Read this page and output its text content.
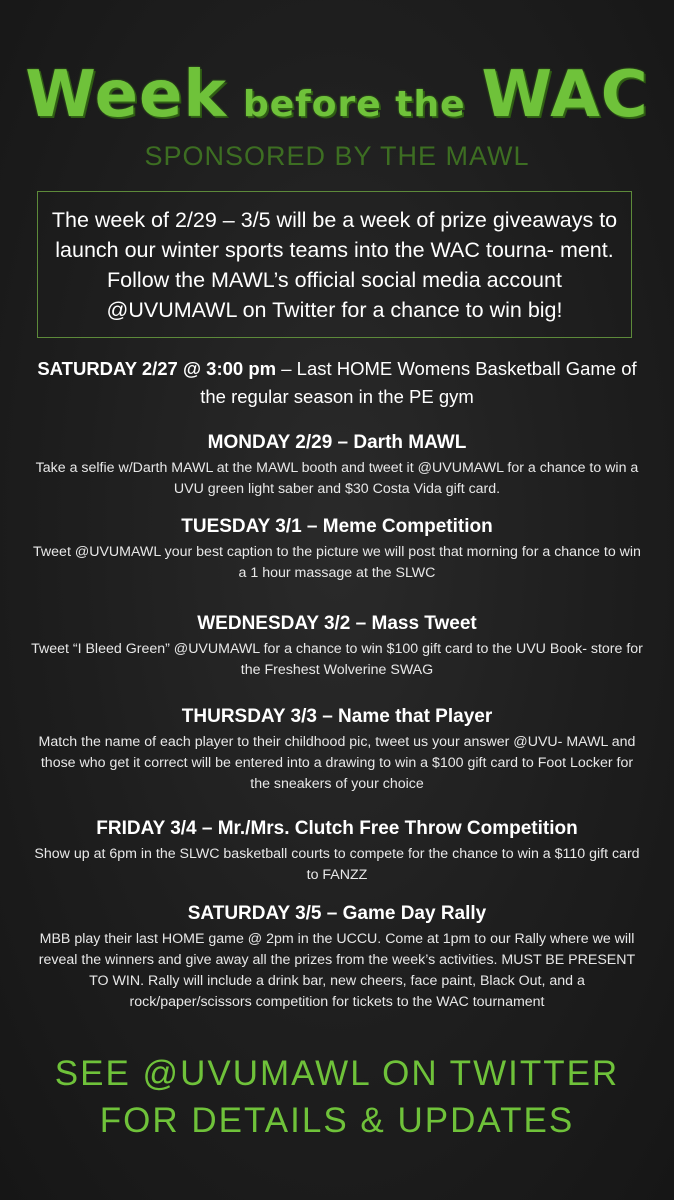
Week before the WAC
SPONSORED BY THE MAWL
The week of 2/29 – 3/5 will be a week of prize giveaways to launch our winter sports teams into the WAC tourna- ment. Follow the MAWL’s official social media account @UVUMAWL on Twitter for a chance to win big!
SATURDAY 2/27 @ 3:00 pm – Last HOME Womens Basketball Game of the regular season in the PE gym
MONDAY 2/29 – Darth MAWL
Take a selfie w/Darth MAWL at the MAWL booth and tweet it @UVUMAWL for a chance to win a UVU green light saber and $30 Costa Vida gift card.
TUESDAY 3/1 – Meme Competition
Tweet @UVUMAWL your best caption to the picture we will post that morning for a chance to win a 1 hour massage at the SLWC
WEDNESDAY 3/2 – Mass Tweet
Tweet “I Bleed Green” @UVUMAWL for a chance to win $100 gift card to the UVU Book- store for the Freshest Wolverine SWAG
THURSDAY 3/3 – Name that Player
Match the name of each player to their childhood pic, tweet us your answer @UVU- MAWL and those who get it correct will be entered into a drawing to win a $100 gift card to Foot Locker for the sneakers of your choice
FRIDAY 3/4 – Mr./Mrs. Clutch Free Throw Competition
Show up at 6pm in the SLWC basketball courts to compete for the chance to win a $110 gift card to FANZZ
SATURDAY 3/5 – Game Day Rally
MBB play their last HOME game @ 2pm in the UCCU. Come at 1pm to our Rally where we will reveal the winners and give away all the prizes from the week’s activities. MUST BE PRESENT TO WIN. Rally will include a drink bar, new cheers, face paint, Black Out, and a rock/paper/scissors competition for tickets to the WAC tournament
SEE @UVUMAWL ON TWITTER
FOR DETAILS & UPDATES
